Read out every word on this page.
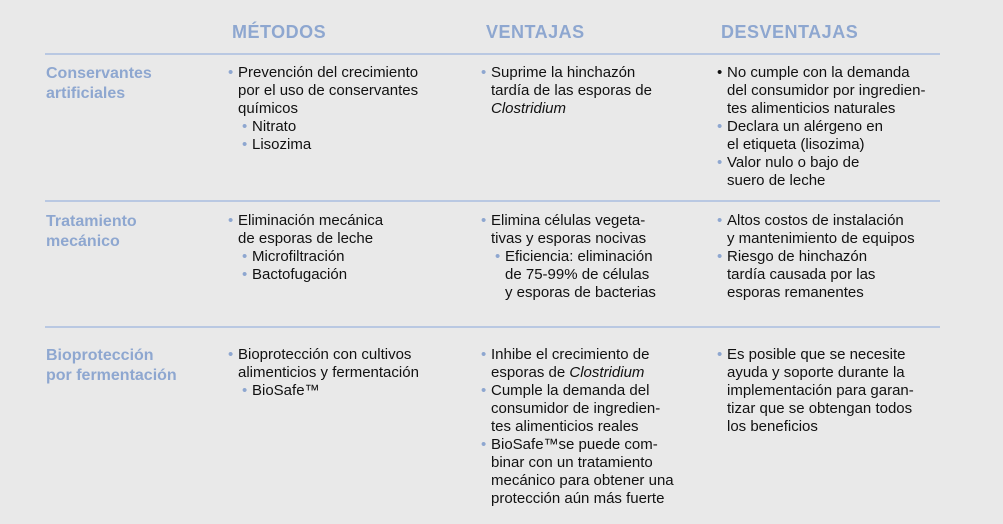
MÉTODOS	VENTAJAS	DESVENTAJAS
Conservantes
artificiales
• Prevención del crecimiento
por el uso de conservantes
químicos
• Nitrato
• Lisozima
• Suprime la hinchazón
tardía de las esporas de
Clostridium
• No cumple con la demanda
del consumidor por ingredien-
tes alimenticios naturales
• Declara un alérgeno en
el etiqueta (lisozima)
• Valor nulo o bajo de
suero de leche
Tratamiento
mecánico
• Eliminación mecánica
de esporas de leche
• Microfiltración
• Bactofugación
• Elimina células vegeta-
tivas y esporas nocivas
• Eficiencia: eliminación
de 75-99% de células
y esporas de bacterias
• Altos costos de instalación
y mantenimiento de equipos
• Riesgo de hinchazón
tardía causada por las
esporas remanentes
Bioprotección
por fermentación
• Bioprotección con cultivos
alimenticios y fermentación
• BioSafe™
• Inhibe el crecimiento de
esporas de Clostridium
• Cumple la demanda del
consumidor de ingredien-
tes alimenticios reales
• BioSafe™se puede com-
binar con un tratamiento
mecánico para obtener una
protección aún más fuerte
• Es posible que se necesite
ayuda y soporte durante la
implementación para garan-
tizar que se obtengan todos
los beneficios
